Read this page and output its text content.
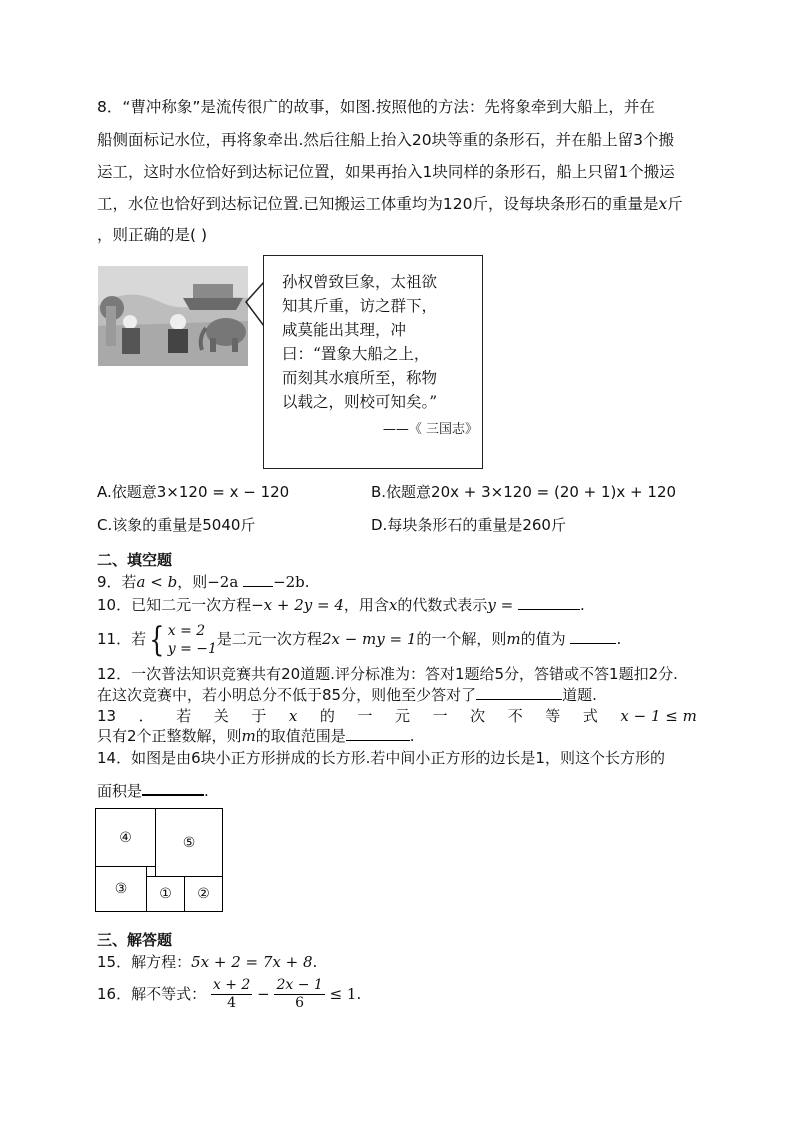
8．“曹冲称象”是流传很广的故事，如图.按照他的方法：先将象牵到大船上，并在
船侧面标记水位，再将象牵出.然后往船上抬入20块等重的条形石，并在船上留3个搬
运工，这时水位恰好到达标记位置，如果再抬入1块同样的条形石，船上只留1个搬运
工，水位也恰好到达标记位置.已知搬运工体重均为120斤，设每块条形石的重量是x斤
，则正确的是( )
孙权曾致巨象，太祖欲
知其斤重，访之群下，
咸莫能出其理，冲
曰：“置象大船之上，
而刻其水痕所至，称物
以载之，则校可知矣。”
——《 三国志》
A.依题意3×120 = x − 120	B.依题意20x + 3×120 = (20 + 1)x + 120
C.该象的重量是5040斤	D.每块条形石的重量是260斤
二、填空题
9．若a < b，则−2a −2b.
10．已知二元一次方程−x + 2y = 4，用含x的代数式表示y =	.
11．若{ x = 2
y = −1
是二元一次方程2x − my = 1的一个解，则m的值为	.
12．一次普法知识竞赛共有20道题.评分标准为：答对1题给5分，答错或不答1题扣2分.
在这次竞赛中，若小明总分不低于85分，则他至少答对了	道题.
13 ． 若 关 于 x 的 一 元 一 次 不 等 式 x − 1 ≤ m
只有2个正整数解，则m的取值范围是	.
14．如图是由6块小正方形拼成的长方形.若中间小正方形的边长是1，则这个长方形的
面积是	.
④	⑤
③	①	②
三、解答题
15．解方程：5x + 2 = 7x + 8.
16．解不等式： $\frac{x + 2}{4} - \frac{2x - 1}{6} \le 1$.
